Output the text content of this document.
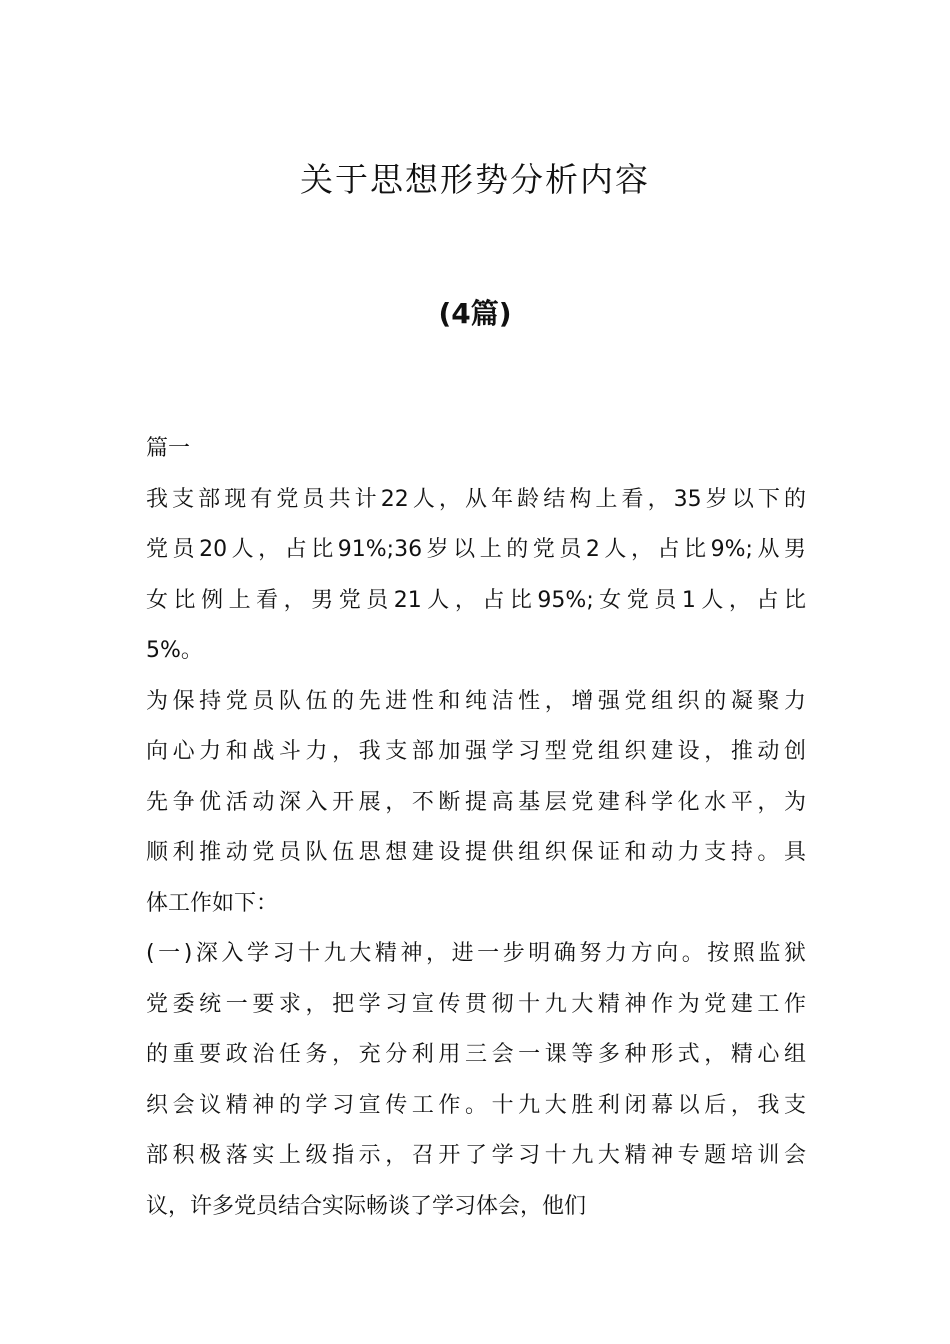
关于思想形势分析内容
(4篇)

篇一

我支部现有党员共计22人，从年龄结构上看，35岁以下的

党员20人，占比91%;36岁以上的党员2人，占比9%;从男

女比例上看，男党员21人，占比95%;女党员1人，占比

5%。

为保持党员队伍的先进性和纯洁性，增强党组织的凝聚力

向心力和战斗力，我支部加强学习型党组织建设，推动创

先争优活动深入开展，不断提高基层党建科学化水平，为

顺利推动党员队伍思想建设提供组织保证和动力支持。具

体工作如下：

(一)深入学习十九大精神，进一步明确努力方向。按照监狱

党委统一要求，把学习宣传贯彻十九大精神作为党建工作

的重要政治任务，充分利用三会一课等多种形式，精心组

织会议精神的学习宣传工作。十九大胜利闭幕以后，我支

部积极落实上级指示，召开了学习十九大精神专题培训会

议，许多党员结合实际畅谈了学习体会，他们
